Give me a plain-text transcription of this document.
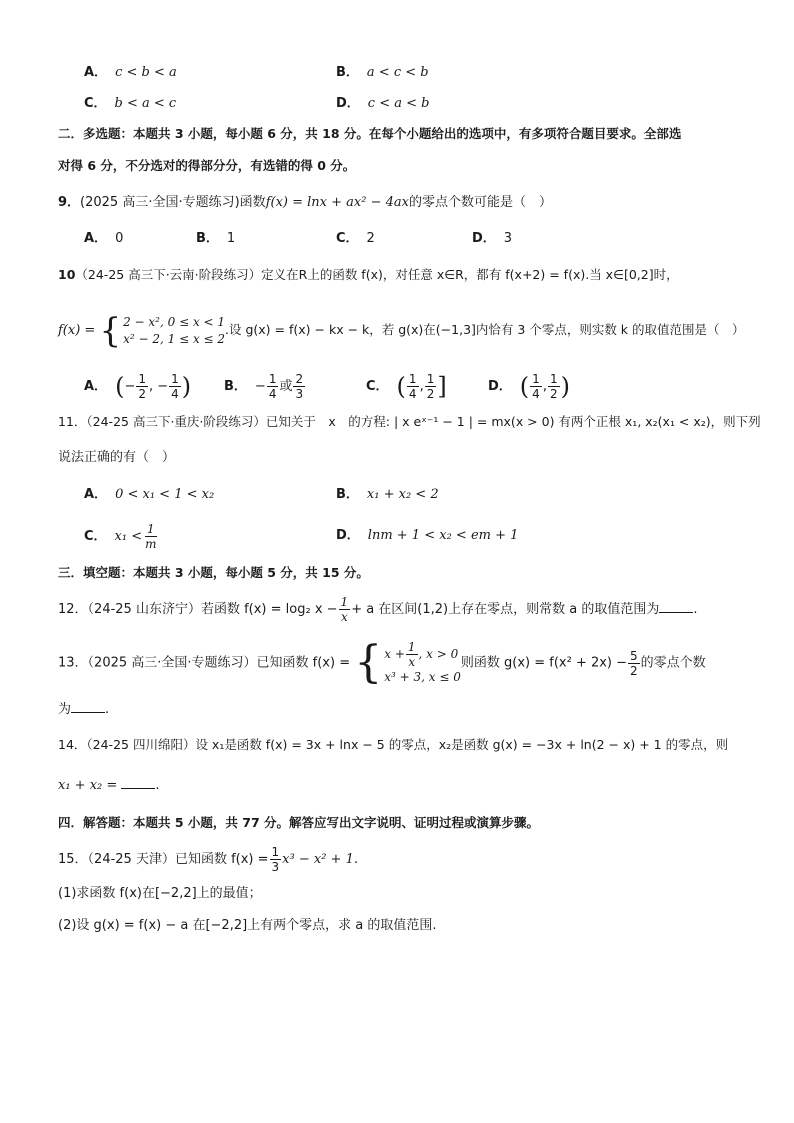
A． c < b < a	B． a < c < b
C． b < a < c	D． c < a < b
二．多选题：本题共 3 小题，每小题 6 分，共 18 分。在每个小题给出的选项中，有多项符合题目要求。全部选
对得 6 分，不分选对的得部分分，有选错的得 0 分。
9．(2025 高三·全国·专题练习)函数f(x) = lnx + ax² − 4ax的零点个数可能是（　）
A． 0	B． 1	C． 2	D． 3
10（24-25 高三下·云南·阶段练习）定义在R上的函数 f(x)，对任意 x∈R，都有 f(x+2) = f(x).当 x∈[0,2]时，
f(x) = { 2 − x², 0 ≤ x < 1
x² − 2, 1 ≤ x ≤ 2
.设 g(x) = f(x) − kx − k，若 g(x)在(−1,3]内恰有 3 个零点，则实数 k 的取值范围是（　）
A． (− $\frac{1}{2}$ , − $\frac{1}{4}$ )	B． − $\frac{1}{4}$ 或 $\frac{2}{3}$	C． ( $\frac{1}{4}$ , $\frac{1}{2}$ ]	D． ( $\frac{1}{4}$ , $\frac{1}{2}$ )
11．（24-25 高三下·重庆·阶段练习）已知关于　x　的方程: | x eˣ⁻¹ − 1 | = mx(x > 0) 有两个正根 x₁, x₂(x₁ < x₂)，则下列
说法正确的有（　）
A． 0 < x₁ < 1 < x₂	B． x₁ + x₂ < 2
C． $x_1 < \frac{1}{m}$	D． lnm + 1 < x₂ < em + 1
三．填空题：本题共 3 小题，每小题 5 分，共 15 分。
12．（24-25 山东济宁）若函数 f(x) = log₂ $x - \frac{1}{x} + a$ 在区间(1,2)上存在零点，则常数 a 的取值范围为	.
13．（2025 高三·全国·专题练习）已知函数 f(x) = { $x + \frac{1}{x}$ , x > 0
x³ + 3, x ≤ 0
则函数 $g(x) = f(x^2 + 2x) - \frac{5}{2}$ 的零点个数
为	.
14．（24-25 四川绵阳）设 x₁是函数 f(x) = 3x + lnx − 5 的零点，x₂是函数 g(x) = −3x + ln(2 − x) + 1 的零点，则
x₁ + x₂ =	.
四．解答题：本题共 5 小题，共 77 分。解答应写出文字说明、证明过程或演算步骤。
15．（24-25 天津）已知函数 $f(x) = \frac{1}{3} x^3 - x^2 + 1$.
(1)求函数 f(x)在[−2,2]上的最值；
(2)设 g(x) = f(x) − a 在[−2,2]上有两个零点，求 a 的取值范围.
